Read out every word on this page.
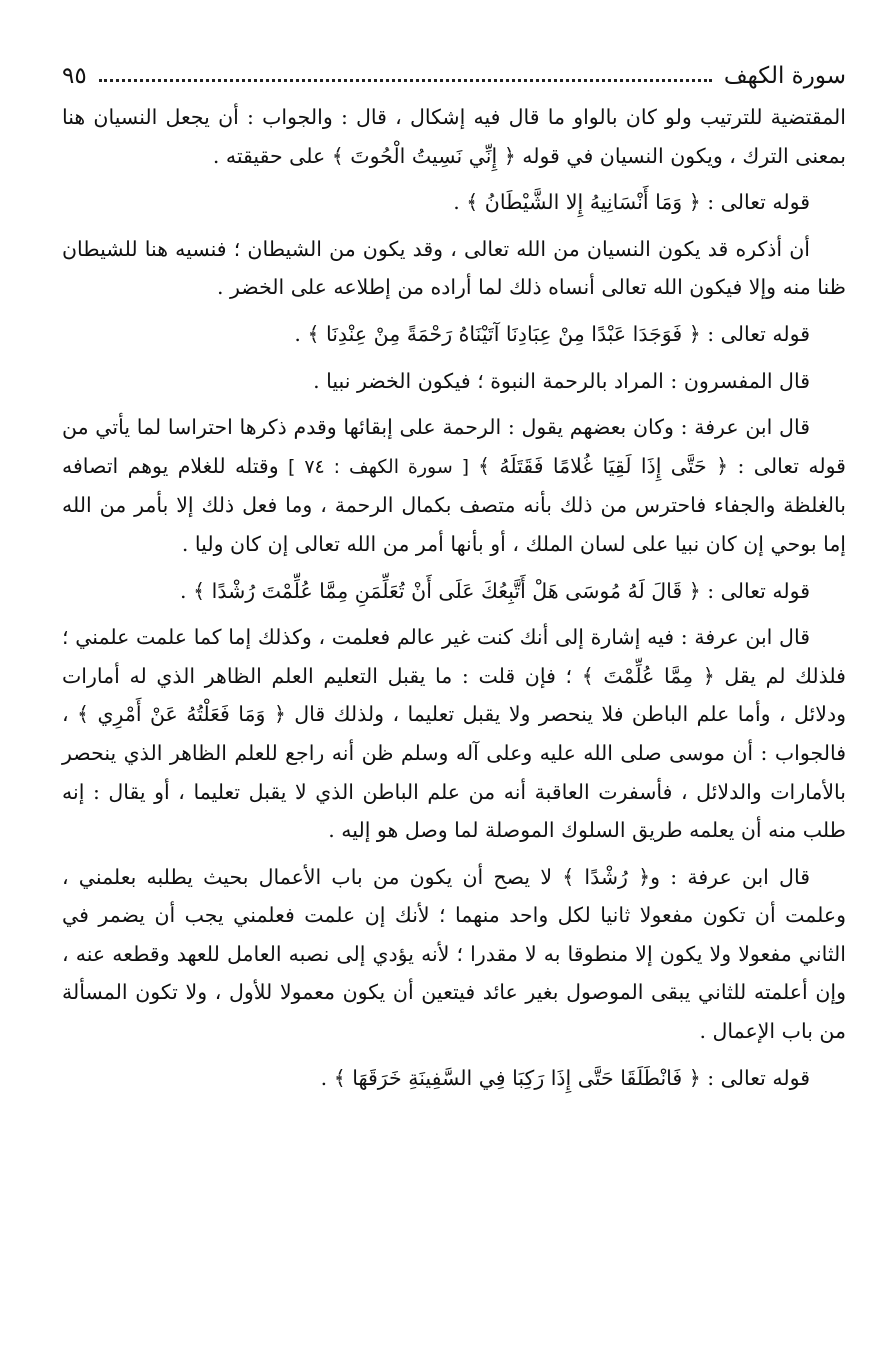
سورة الكهف
٩٥

المقتضية للترتيب ولو كان بالواو ما قال فيه إشكال ، قال : والجواب : أن يجعل النسيان هنا بمعنى الترك ، ويكون النسيان في قوله ﴿ إِنِّي نَسِيتُ الْحُوتَ ﴾ على حقيقته .

قوله تعالى : ﴿ وَمَا أَنْسَانِيهُ إِلا الشَّيْطَانُ ﴾ .

أن أذكره قد يكون النسيان من الله تعالى ، وقد يكون من الشيطان ؛ فنسيه هنا للشيطان ظنا منه وإلا فيكون الله تعالى أنساه ذلك لما أراده من إطلاعه على الخضر .

قوله تعالى : ﴿ فَوَجَدَا عَبْدًا مِنْ عِبَادِنَا آتَيْنَاهُ رَحْمَةً مِنْ عِنْدِنَا ﴾ .

قال المفسرون : المراد بالرحمة النبوة ؛ فيكون الخضر نبيا .

قال ابن عرفة : وكان بعضهم يقول : الرحمة على إبقائها وقدم ذكرها احتراسا لما يأتي من قوله تعالى : ﴿ حَتَّى إِذَا لَقِيَا غُلامًا فَقَتَلَهُ ﴾ [ سورة الكهف : ٧٤ ] وقتله للغلام يوهم اتصافه بالغلظة والجفاء فاحترس من ذلك بأنه متصف بكمال الرحمة ، وما فعل ذلك إلا بأمر من الله إما بوحي إن كان نبيا على لسان الملك ، أو بأنها أمر من الله تعالى إن كان وليا .

قوله تعالى : ﴿ قَالَ لَهُ مُوسَى هَلْ أَتَّبِعُكَ عَلَى أَنْ تُعَلِّمَنِ مِمَّا عُلِّمْتَ رُشْدًا ﴾ .

قال ابن عرفة : فيه إشارة إلى أنك كنت غير عالم فعلمت ، وكذلك إما كما علمت علمني ؛ فلذلك لم يقل ﴿ مِمَّا عُلِّمْتَ ﴾ ؛ فإن قلت : ما يقبل التعليم العلم الظاهر الذي له أمارات ودلائل ، وأما علم الباطن فلا ينحصر ولا يقبل تعليما ، ولذلك قال ﴿ وَمَا فَعَلْتُهُ عَنْ أَمْرِي ﴾ ، فالجواب : أن موسى صلى الله عليه وعلى آله وسلم ظن أنه راجع للعلم الظاهر الذي ينحصر بالأمارات والدلائل ، فأسفرت العاقبة أنه من علم الباطن الذي لا يقبل تعليما ، أو يقال : إنه طلب منه أن يعلمه طريق السلوك الموصلة لما وصل هو إليه .

قال ابن عرفة : و﴿ رُشْدًا ﴾ لا يصح أن يكون من باب الأعمال بحيث يطلبه بعلمني ، وعلمت أن تكون مفعولا ثانيا لكل واحد منهما ؛ لأنك إن علمت فعلمني يجب أن يضمر في الثاني مفعولا ولا يكون إلا منطوقا به لا مقدرا ؛ لأنه يؤدي إلى نصبه العامل للعهد وقطعه عنه ، وإن أعلمته للثاني يبقى الموصول بغير عائد فيتعين أن يكون معمولا للأول ، ولا تكون المسألة من باب الإعمال .

قوله تعالى : ﴿ فَانْطَلَقَا حَتَّى إِذَا رَكِبَا فِي السَّفِينَةِ خَرَقَهَا ﴾ .
